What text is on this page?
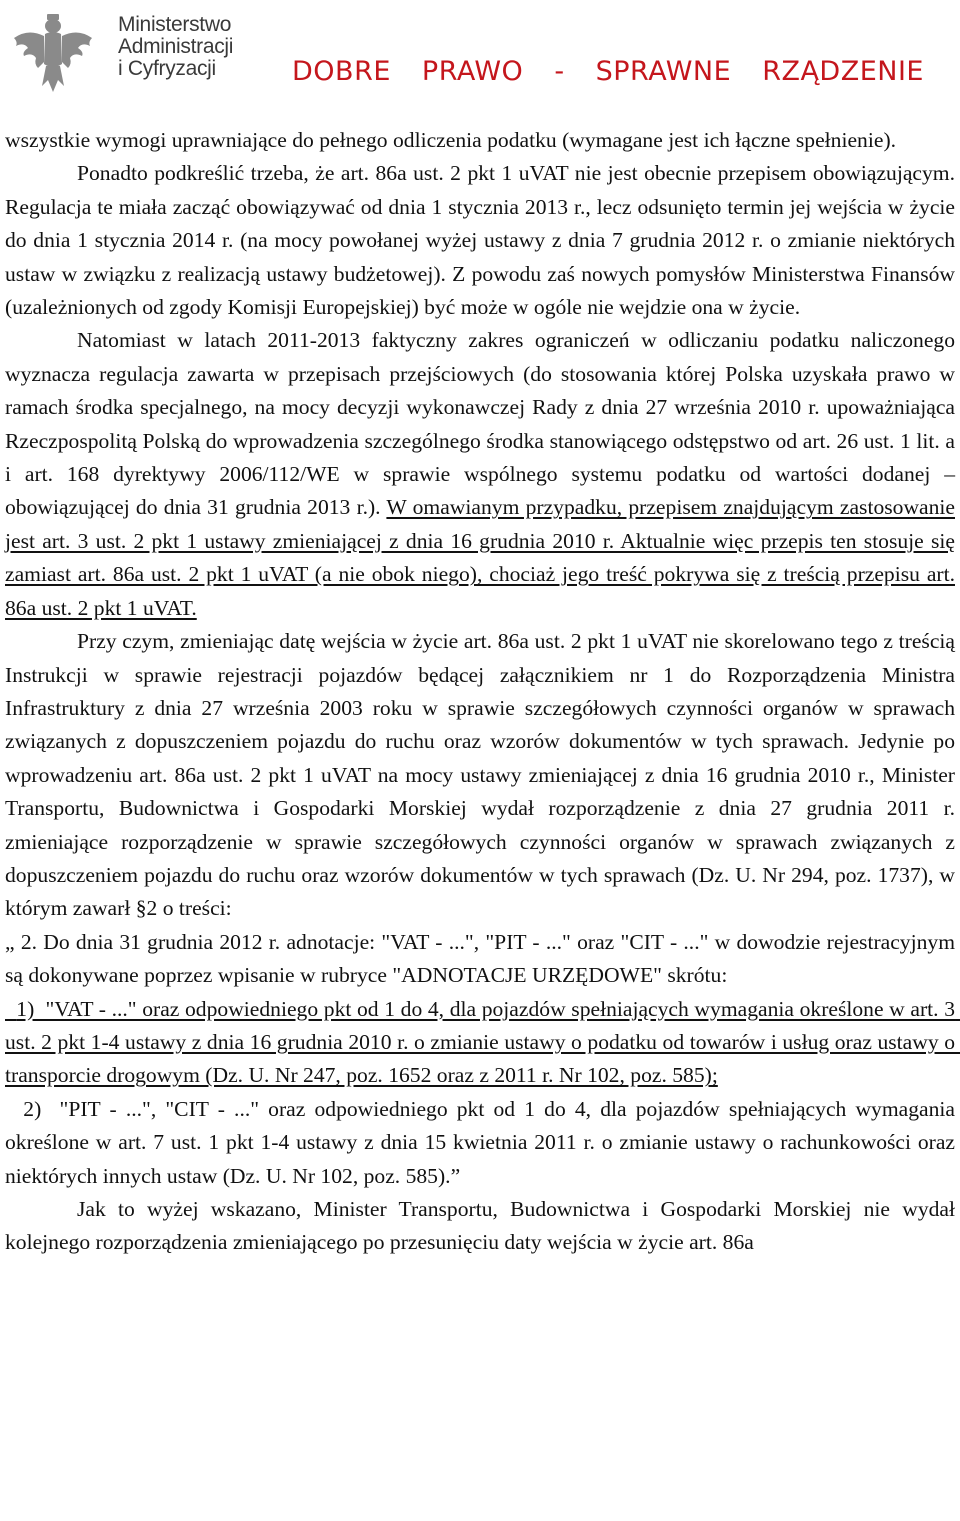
Ministerstwo
Administracji
i Cyfryzacji	DOBRE PRAWO - SPRAWNE RZĄDZENIE

wszystkie wymogi uprawniające do pełnego odliczenia podatku (wymagane jest ich łączne spełnienie).

Ponadto podkreślić trzeba, że art. 86a ust. 2 pkt 1 uVAT nie jest obecnie przepisem obowiązującym. Regulacja te miała zacząć obowiązywać od dnia 1 stycznia 2013 r., lecz odsunięto termin jej wejścia w życie do dnia 1 stycznia 2014 r. (na mocy powołanej wyżej ustawy z dnia 7 grudnia 2012 r. o zmianie niektórych ustaw w związku z realizacją ustawy budżetowej). Z powodu zaś nowych pomysłów Ministerstwa Finansów (uzależnionych od zgody Komisji Europejskiej) być może w ogóle nie wejdzie ona w życie.

Natomiast w latach 2011-2013 faktyczny zakres ograniczeń w odliczaniu podatku naliczonego wyznacza regulacja zawarta w przepisach przejściowych (do stosowania której Polska uzyskała prawo w ramach środka specjalnego, na mocy decyzji wykonawczej Rady z dnia 27 września 2010 r. upoważniająca Rzeczpospolitą Polską do wprowadzenia szczególnego środka stanowiącego odstępstwo od art. 26 ust. 1 lit. a i art. 168 dyrektywy 2006/112/WE w sprawie wspólnego systemu podatku od wartości dodanej – obowiązującej do dnia 31 grudnia 2013 r.). W omawianym przypadku, przepisem znajdującym zastosowanie jest art. 3 ust. 2 pkt 1 ustawy zmieniającej z dnia 16 grudnia 2010 r. Aktualnie więc przepis ten stosuje się zamiast art. 86a ust. 2 pkt 1 uVAT (a nie obok niego), chociaż jego treść pokrywa się z treścią przepisu art. 86a ust. 2 pkt 1 uVAT.

Przy czym, zmieniając datę wejścia w życie art. 86a ust. 2 pkt 1 uVAT nie skorelowano tego z treścią Instrukcji w sprawie rejestracji pojazdów będącej załącznikiem nr 1 do Rozporządzenia Ministra Infrastruktury z dnia 27 września 2003 roku w sprawie szczegółowych czynności organów w sprawach związanych z dopuszczeniem pojazdu do ruchu oraz wzorów dokumentów w tych sprawach. Jedynie po wprowadzeniu art. 86a ust. 2 pkt 1 uVAT na mocy ustawy zmieniającej z dnia 16 grudnia 2010 r., Minister Transportu, Budownictwa i Gospodarki Morskiej wydał rozporządzenie z dnia 27 grudnia 2011 r. zmieniające rozporządzenie w sprawie szczegółowych czynności organów w sprawach związanych z dopuszczeniem pojazdu do ruchu oraz wzorów dokumentów w tych sprawach (Dz. U. Nr 294, poz. 1737), w którym zawarł §2 o treści:

„ 2. Do dnia 31 grudnia 2012 r. adnotacje: "VAT - ...", "PIT - ..." oraz "CIT - ..." w dowodzie rejestracyjnym są dokonywane poprzez wpisanie w rubryce "ADNOTACJE URZĘDOWE" skrótu:

1)  "VAT - ..." oraz odpowiedniego pkt od 1 do 4, dla pojazdów spełniających wymagania określone w art. 3 ust. 2 pkt 1-4 ustawy z dnia 16 grudnia 2010 r. o zmianie ustawy o podatku od towarów i usług oraz ustawy o transporcie drogowym (Dz. U. Nr 247, poz. 1652 oraz z 2011 r. Nr 102, poz. 585);

2)  "PIT - ...", "CIT - ..." oraz odpowiedniego pkt od 1 do 4, dla pojazdów spełniających wymagania określone w art. 7 ust. 1 pkt 1-4 ustawy z dnia 15 kwietnia 2011 r. o zmianie ustawy o rachunkowości oraz niektórych innych ustaw (Dz. U. Nr 102, poz. 585).”

Jak to wyżej wskazano, Minister Transportu, Budownictwa i Gospodarki Morskiej nie wydał kolejnego rozporządzenia zmieniającego po przesunięciu daty wejścia w życie art. 86a
